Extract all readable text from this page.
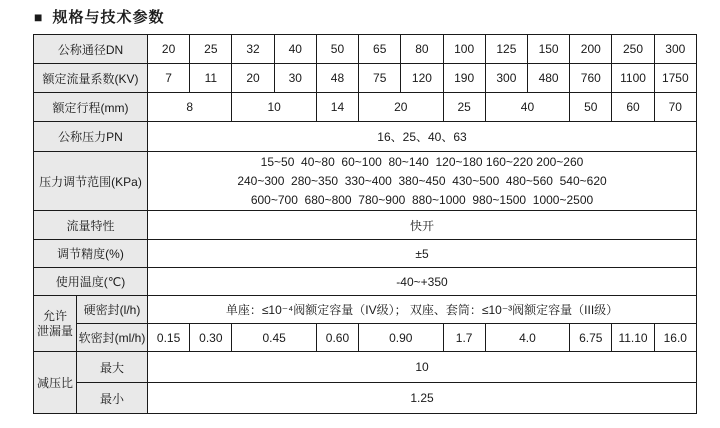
■ 规格与技术参数
公称通径DN		20	25	32	40	50	65	80	100	125	150	200	250	300
额定流量系数(KV)		7	11	20	30	48	75	120	190	300	480	760	1100	1750
额定行程(mm)		8		10		14	20		25	40		50	60	70
公称压力PN		16、25、40、63												
压力调节范围(KPa)		15~50  40~80  60~100  80~140  120~180 160~220 200~260
240~300  280~350  330~400  380~450  430~500  480~560  540~620
600~700  680~800  780~900  880~1000  980~1500  1000~2500												

流量特性		快开												
调节精度(%)		±5												
使用温度(℃)		-40~+350												

允许
泄漏量	硬密封(l/h)	单座：≤10⁻⁴阀额定容量（IV级）； 双座、套筒：≤10⁻³阀额定容量（III级）												
	软密封(ml/h)	0.15	0.30	0.45		0.60	0.90		1.7	4.0		6.75	11.10	16.0
减压比	最大	10												
	最小	1.25												
